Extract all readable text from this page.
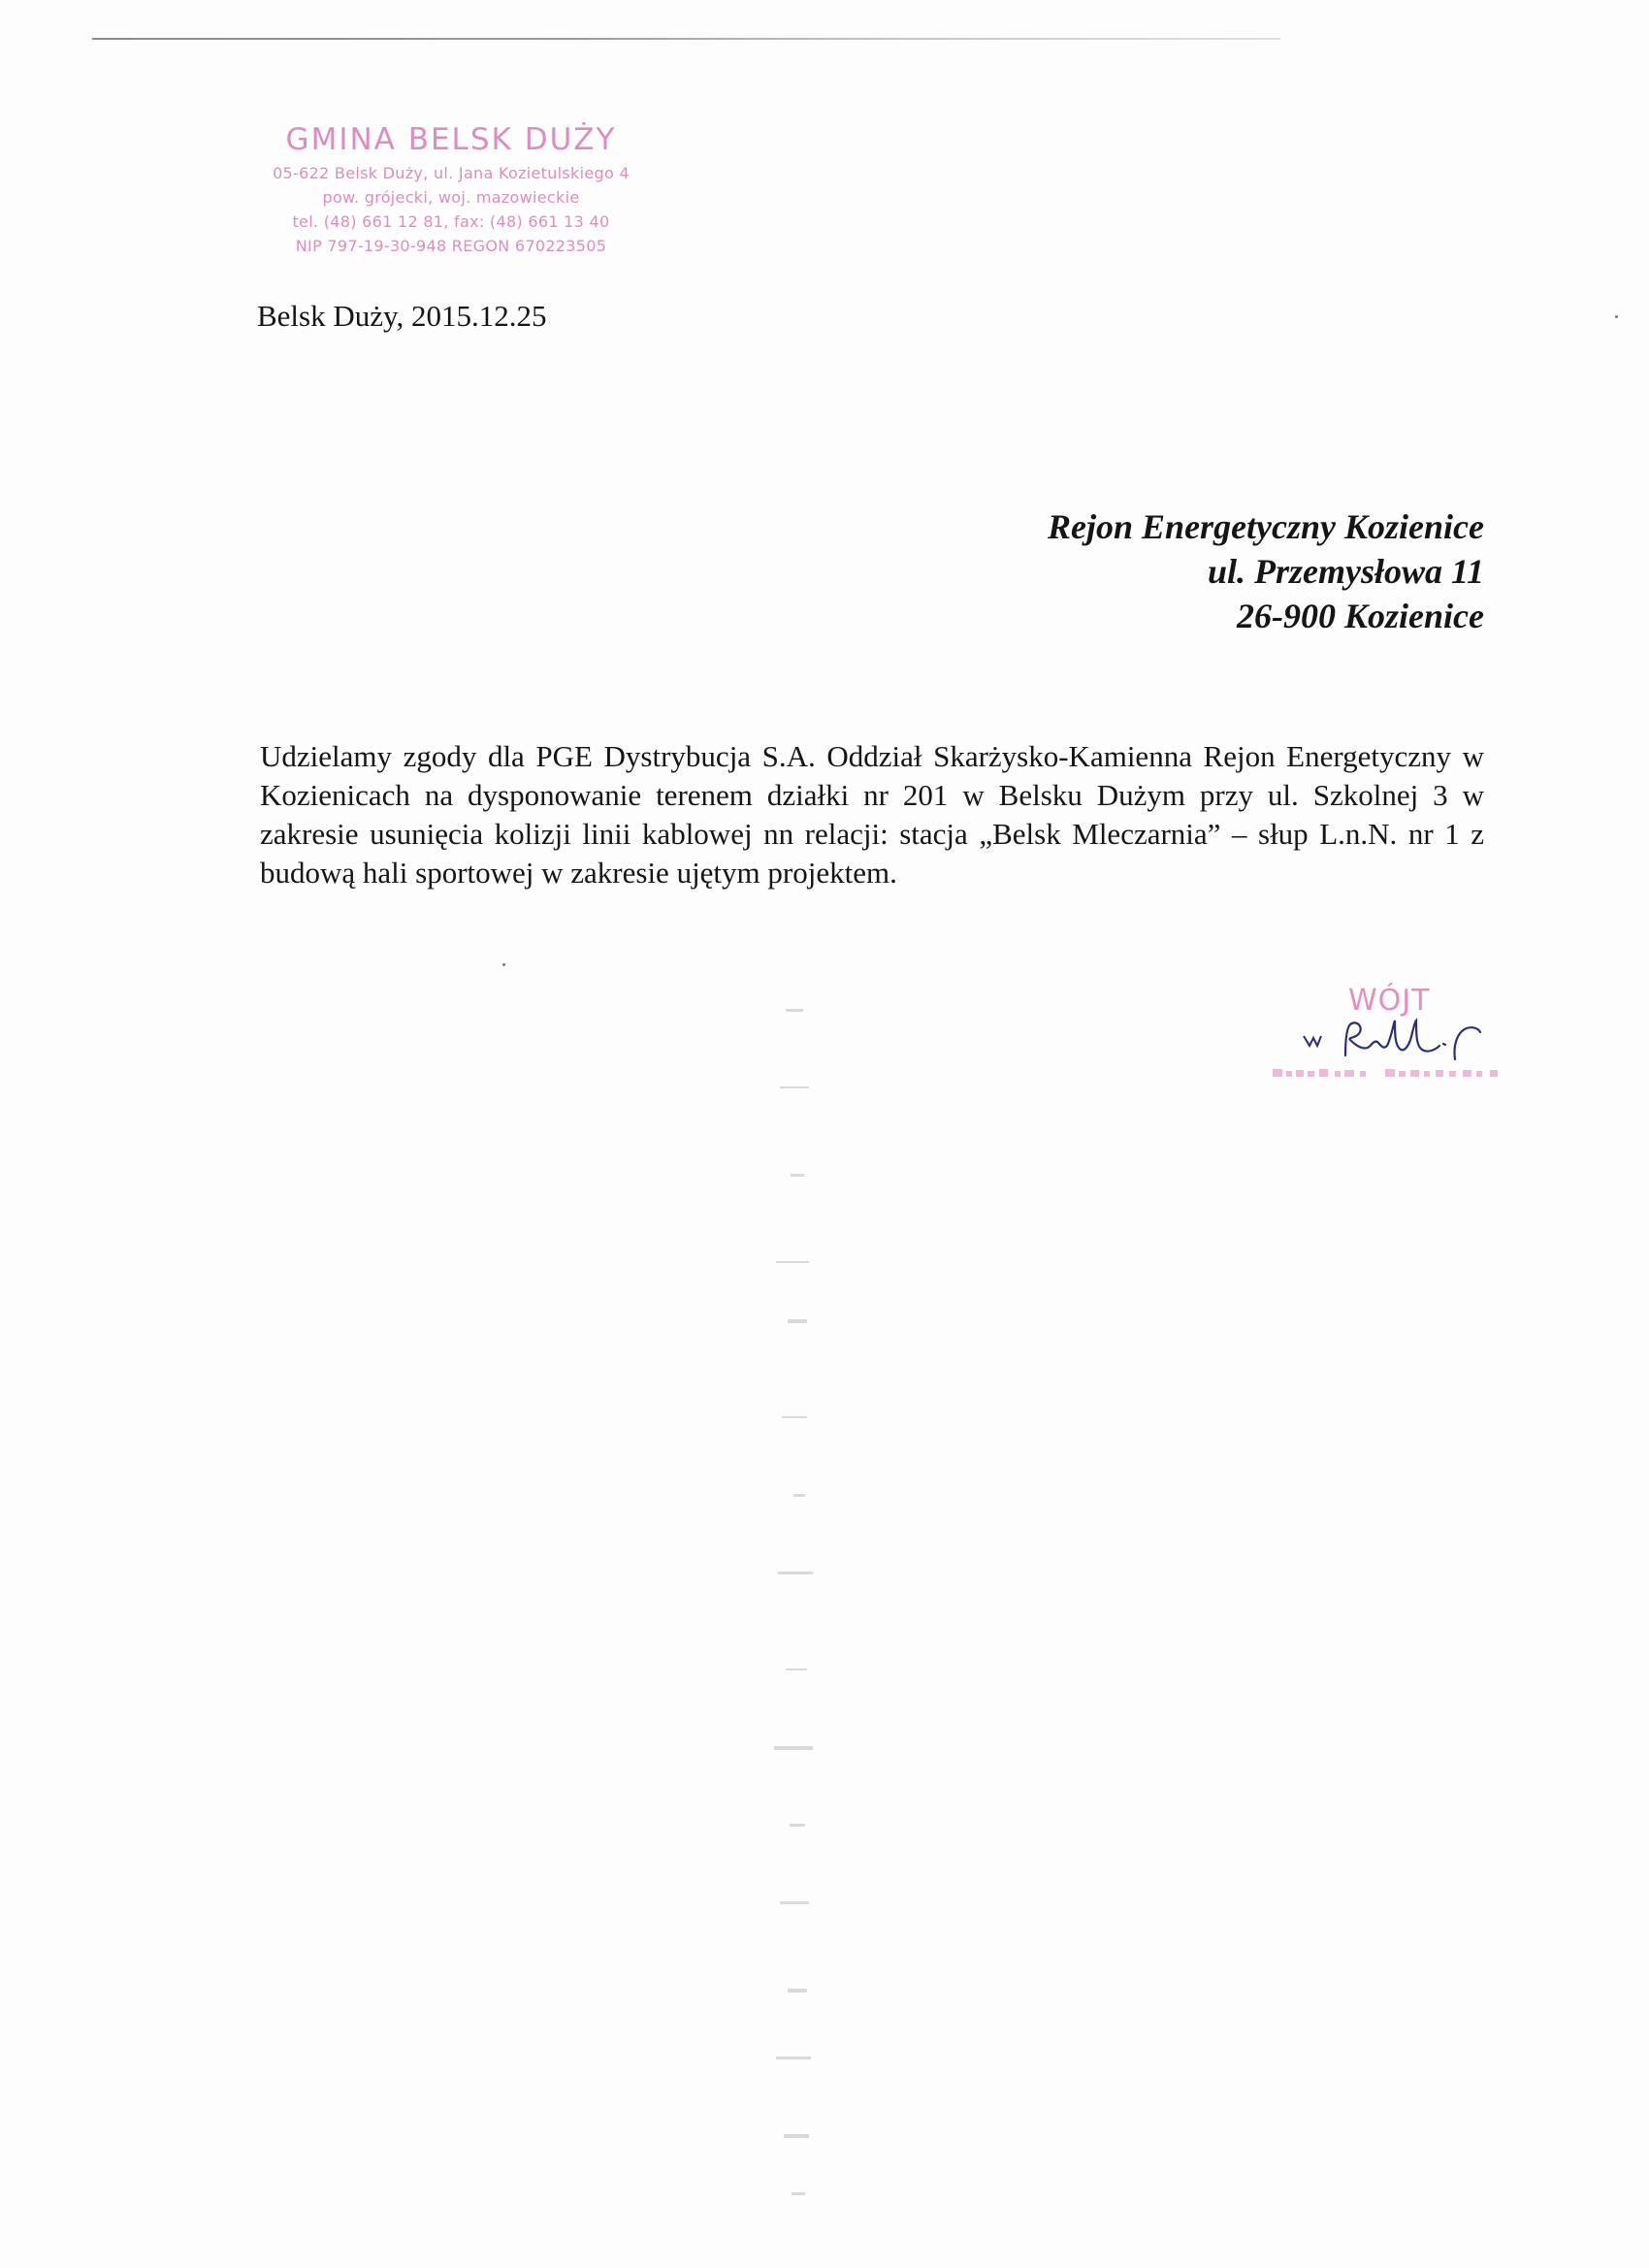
GMINA BELSK DUŻY
05-622 Belsk Duży, ul. Jana Kozietulskiego 4
pow. grójecki, woj. mazowieckie
tel. (48) 661 12 81, fax: (48) 661 13 40
NIP 797-19-30-948 REGON 670223505
Belsk Duży, 2015.12.25
Rejon Energetyczny Kozienice
ul. Przemysłowa 11
26-900 Kozienice
Udzielamy zgody dla PGE Dystrybucja S.A. Oddział Skarżysko-Kamienna Rejon Energetyczny w Kozienicach na dysponowanie terenem działki nr 201 w Belsku Dużym przy ul. Szkolnej 3 w zakresie usunięcia kolizji linii kablowej nn relacji: stacja „Belsk Mleczarnia” – słup L.n.N. nr 1 z budową hali sportowej w zakresie ujętym projektem.
WÓJT
